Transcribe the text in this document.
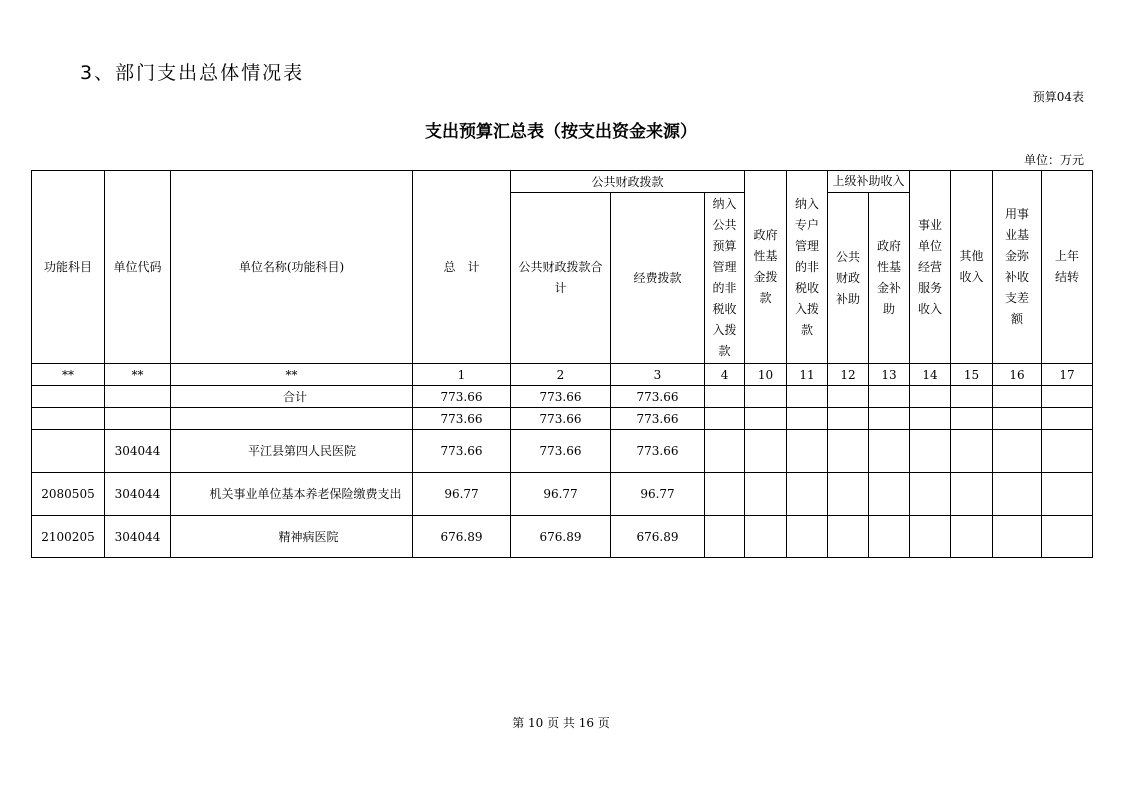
3、部门支出总体情况表
预算04表
支出预算汇总表（按支出资金来源）
单位：万元
功能科目	单位代码	单位名称(功能科目)	总　计	公共财政拨款			政府性基金拨款	纳入专户管理的非税收入拨款	上级补助收入		事业单位经营服务收入	其他收入	用事业基金弥补收支差额	上年结转
				公共财政拨款合计	经费拨款	纳入公共预算管理的非税收入拨款			公共财政补助	政府性基金补助				
**	**	**	1	2	3	4	10	11	12	13	14	15	16	17
		合计	773.66	773.66	773.66									
			773.66	773.66	773.66									
	304044	平江县第四人民医院	773.66	773.66	773.66									
2080505	304044	机关事业单位基本养老保险缴费支出	96.77	96.77	96.77									
2100205	304044	精神病医院	676.89	676.89	676.89									
第 10 页 共 16 页
